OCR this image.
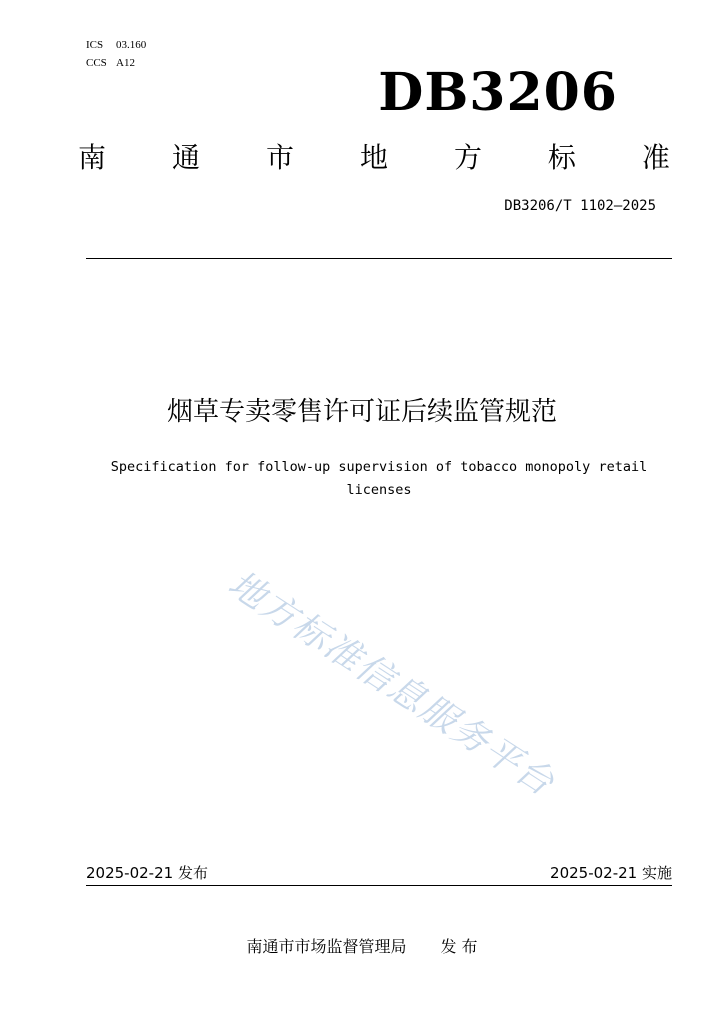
ICS 03.160
CCS A12	DB3206
南 通 市 地 方 标 准
DB3206/T 1102—2025
烟草专卖零售许可证后续监管规范
Specification for follow-up supervision of tobacco monopoly retail
licenses
地方标准信息服务平台
2025-02-21 发布	2025-02-21 实施
南通市市场监督管理局 发 布
